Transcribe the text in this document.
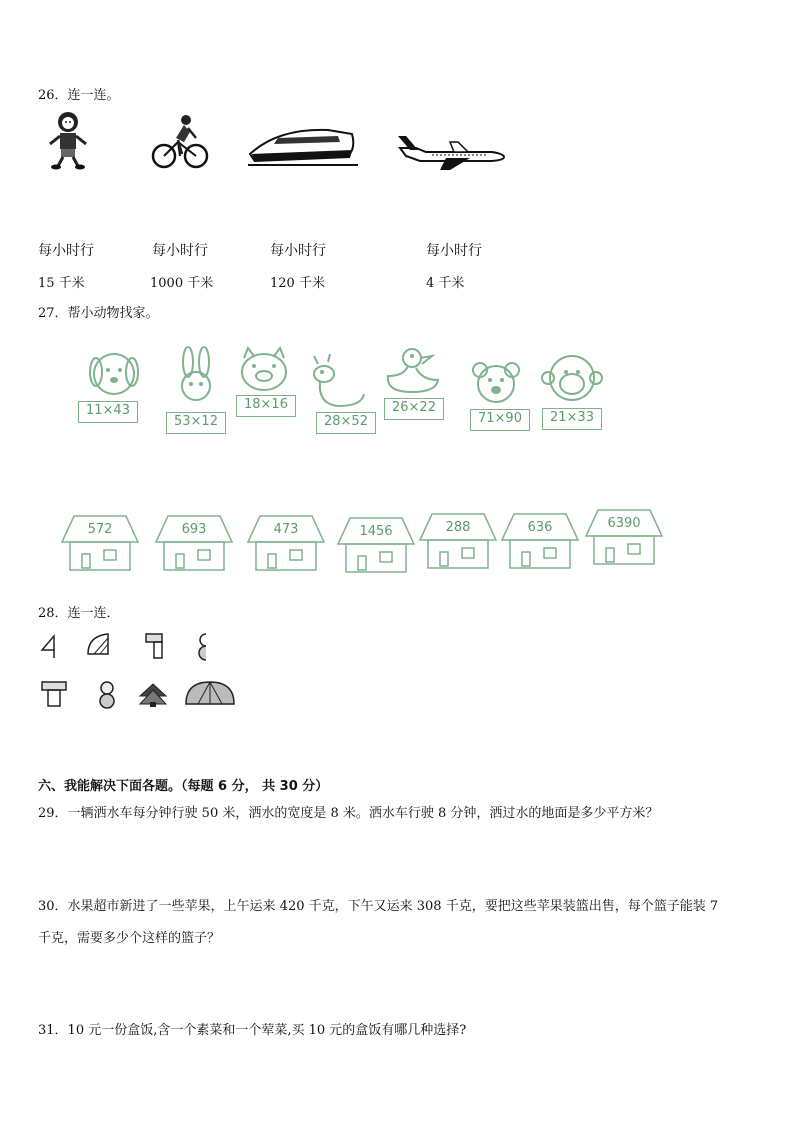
26．连一连。
每小时行	每小时行	每小时行	每小时行
15 千米	1000 千米	120 千米	4 千米
27．帮小动物找家。
11×43
53×12
18×16
28×52
26×22
71×90	21×33
572	693	473	1456	288	636	6390
28．连一连．
六、我能解决下面各题。（每题 6 分， 共 30 分）
29．一辆洒水车每分钟行驶 50 米，洒水的宽度是 8 米。洒水车行驶 8 分钟，洒过水的地面是多少平方米？
30．水果超市新进了一些苹果，上午运来 420 千克，下午又运来 308 千克，要把这些苹果装篮出售，每个篮子能装 7
千克，需要多少个这样的篮子？
31．10 元一份盒饭,含一个素菜和一个荤菜,买 10 元的盒饭有哪几种选择?
